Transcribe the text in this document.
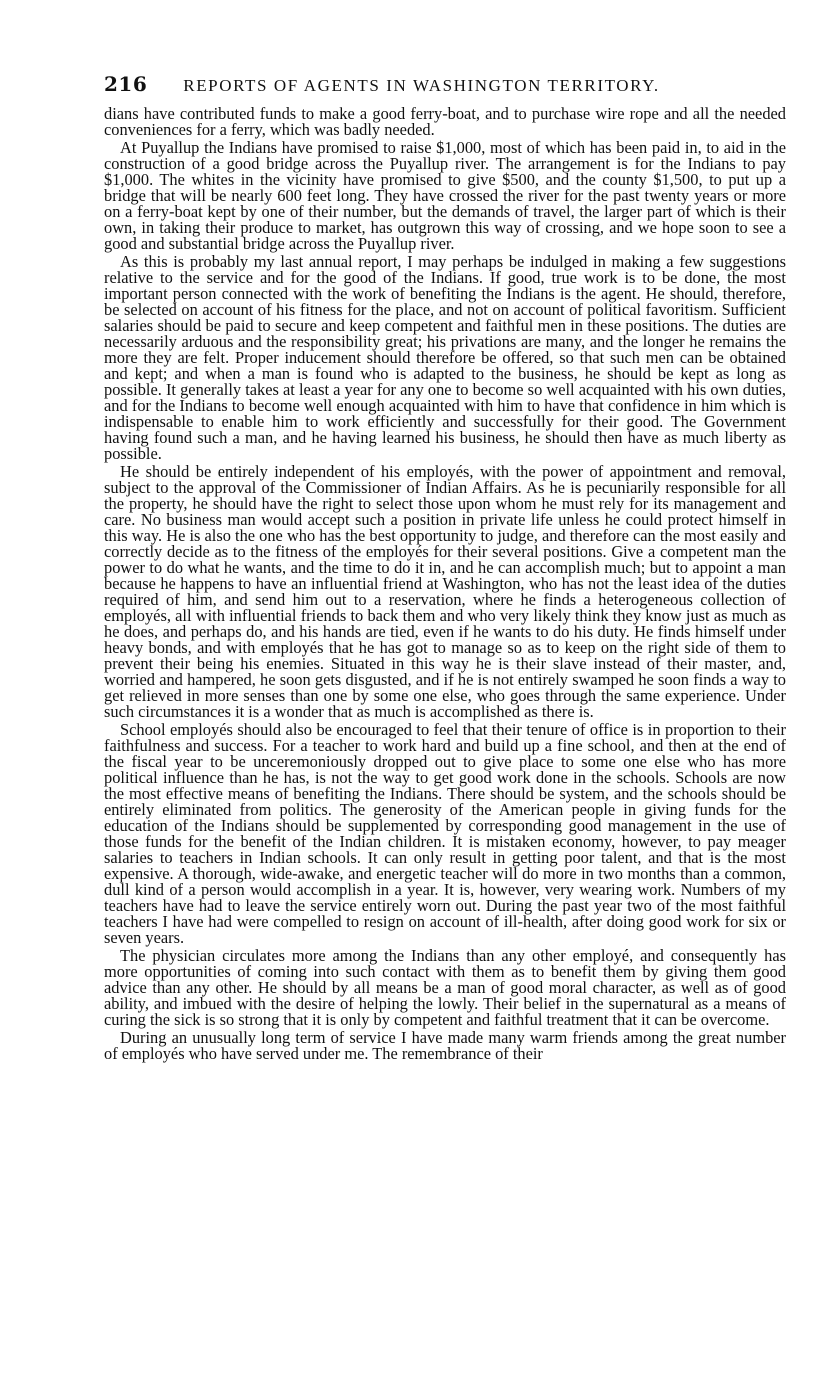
216 REPORTS OF AGENTS IN WASHINGTON TERRITORY.

dians have contributed funds to make a good ferry-boat, and to purchase wire rope and all the needed conveniences for a ferry, which was badly needed.

At Puyallup the Indians have promised to raise $1,000, most of which has been paid in, to aid in the construction of a good bridge across the Puyallup river. The arrangement is for the Indians to pay $1,000. The whites in the vicinity have promised to give $500, and the county $1,500, to put up a bridge that will be nearly 600 feet long. They have crossed the river for the past twenty years or more on a ferry-boat kept by one of their number, but the demands of travel, the larger part of which is their own, in taking their produce to market, has outgrown this way of crossing, and we hope soon to see a good and substantial bridge across the Puyallup river.

As this is probably my last annual report, I may perhaps be indulged in making a few suggestions relative to the service and for the good of the Indians. If good, true work is to be done, the most important person connected with the work of benefiting the Indians is the agent. He should, therefore, be selected on account of his fitness for the place, and not on account of political favoritism. Sufficient salaries should be paid to secure and keep competent and faithful men in these positions. The duties are necessarily arduous and the responsibility great; his privations are many, and the longer he remains the more they are felt. Proper inducement should therefore be offered, so that such men can be obtained and kept; and when a man is found who is adapted to the business, he should be kept as long as possible. It generally takes at least a year for any one to become so well acquainted with his own duties, and for the Indians to become well enough acquainted with him to have that confidence in him which is indispensable to enable him to work efficiently and successfully for their good. The Government having found such a man, and he having learned his business, he should then have as much liberty as possible.

He should be entirely independent of his employés, with the power of appointment and removal, subject to the approval of the Commissioner of Indian Affairs. As he is pecuniarily responsible for all the property, he should have the right to select those upon whom he must rely for its management and care. No business man would accept such a position in private life unless he could protect himself in this way. He is also the one who has the best opportunity to judge, and therefore can the most easily and correctly decide as to the fitness of the employés for their several positions. Give a competent man the power to do what he wants, and the time to do it in, and he can accomplish much; but to appoint a man because he happens to have an influential friend at Washington, who has not the least idea of the duties required of him, and send him out to a reservation, where he finds a heterogeneous collection of employés, all with influential friends to back them and who very likely think they know just as much as he does, and perhaps do, and his hands are tied, even if he wants to do his duty. He finds himself under heavy bonds, and with employés that he has got to manage so as to keep on the right side of them to prevent their being his enemies. Situated in this way he is their slave instead of their master, and, worried and hampered, he soon gets disgusted, and if he is not entirely swamped he soon finds a way to get relieved in more senses than one by some one else, who goes through the same experience. Under such circumstances it is a wonder that as much is accomplished as there is.

School employés should also be encouraged to feel that their tenure of office is in proportion to their faithfulness and success. For a teacher to work hard and build up a fine school, and then at the end of the fiscal year to be unceremoniously dropped out to give place to some one else who has more political influence than he has, is not the way to get good work done in the schools. Schools are now the most effective means of benefiting the Indians. There should be system, and the schools should be entirely eliminated from politics. The generosity of the American people in giving funds for the education of the Indians should be supplemented by corresponding good management in the use of those funds for the benefit of the Indian children. It is mistaken economy, however, to pay meager salaries to teachers in Indian schools. It can only result in getting poor talent, and that is the most expensive. A thorough, wide-awake, and energetic teacher will do more in two months than a common, dull kind of a person would accomplish in a year. It is, however, very wearing work. Numbers of my teachers have had to leave the service entirely worn out. During the past year two of the most faithful teachers I have had were compelled to resign on account of ill-health, after doing good work for six or seven years.

The physician circulates more among the Indians than any other employé, and consequently has more opportunities of coming into such contact with them as to benefit them by giving them good advice than any other. He should by all means be a man of good moral character, as well as of good ability, and imbued with the desire of helping the lowly. Their belief in the supernatural as a means of curing the sick is so strong that it is only by competent and faithful treatment that it can be overcome.

During an unusually long term of service I have made many warm friends among the great number of employés who have served under me. The remembrance of their
